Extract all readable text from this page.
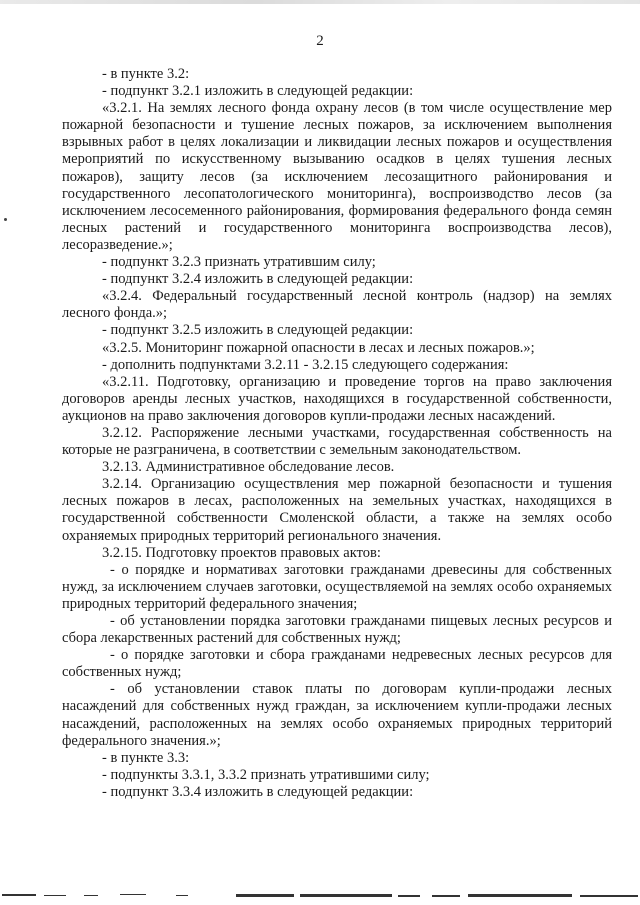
2

- в пункте 3.2:

- подпункт 3.2.1 изложить в следующей редакции:

«3.2.1. На землях лесного фонда охрану лесов (в том числе осуществление мер пожарной безопасности и тушение лесных пожаров, за исключением выполнения взрывных работ в целях локализации и ликвидации лесных пожаров и осуществления мероприятий по искусственному вызыванию осадков в целях тушения лесных пожаров), защиту лесов (за исключением лесозащитного районирования и государственного лесопатологического мониторинга), воспроизводство лесов (за исключением лесосеменного районирования, формирования федерального фонда семян лесных растений и государственного мониторинга воспроизводства лесов), лесоразведение.»;

- подпункт 3.2.3 признать утратившим силу;

- подпункт 3.2.4 изложить в следующей редакции:

«3.2.4. Федеральный государственный лесной контроль (надзор) на землях лесного фонда.»;

- подпункт 3.2.5 изложить в следующей редакции:

«3.2.5. Мониторинг пожарной опасности в лесах и лесных пожаров.»;

- дополнить подпунктами 3.2.11 - 3.2.15 следующего содержания:

«3.2.11. Подготовку, организацию и проведение торгов на право заключения договоров аренды лесных участков, находящихся в государственной собственности, аукционов на право заключения договоров купли-продажи лесных насаждений.

3.2.12. Распоряжение лесными участками, государственная собственность на которые не разграничена, в соответствии с земельным законодательством.

3.2.13. Административное обследование лесов.

3.2.14. Организацию осуществления мер пожарной безопасности и тушения лесных пожаров в лесах, расположенных на земельных участках, находящихся в государственной собственности Смоленской области, а также на землях особо охраняемых природных территорий регионального значения.

3.2.15. Подготовку проектов правовых актов:

- о порядке и нормативах заготовки гражданами древесины для собственных нужд, за исключением случаев заготовки, осуществляемой на землях особо охраняемых природных территорий федерального значения;

- об установлении порядка заготовки гражданами пищевых лесных ресурсов и сбора лекарственных растений для собственных нужд;

- о порядке заготовки и сбора гражданами недревесных лесных ресурсов для собственных нужд;

- об установлении ставок платы по договорам купли-продажи лесных насаждений для собственных нужд граждан, за исключением купли-продажи лесных насаждений, расположенных на землях особо охраняемых природных территорий федерального значения.»;

- в пункте 3.3:

- подпункты 3.3.1, 3.3.2 признать утратившими силу;

- подпункт 3.3.4 изложить в следующей редакции:
